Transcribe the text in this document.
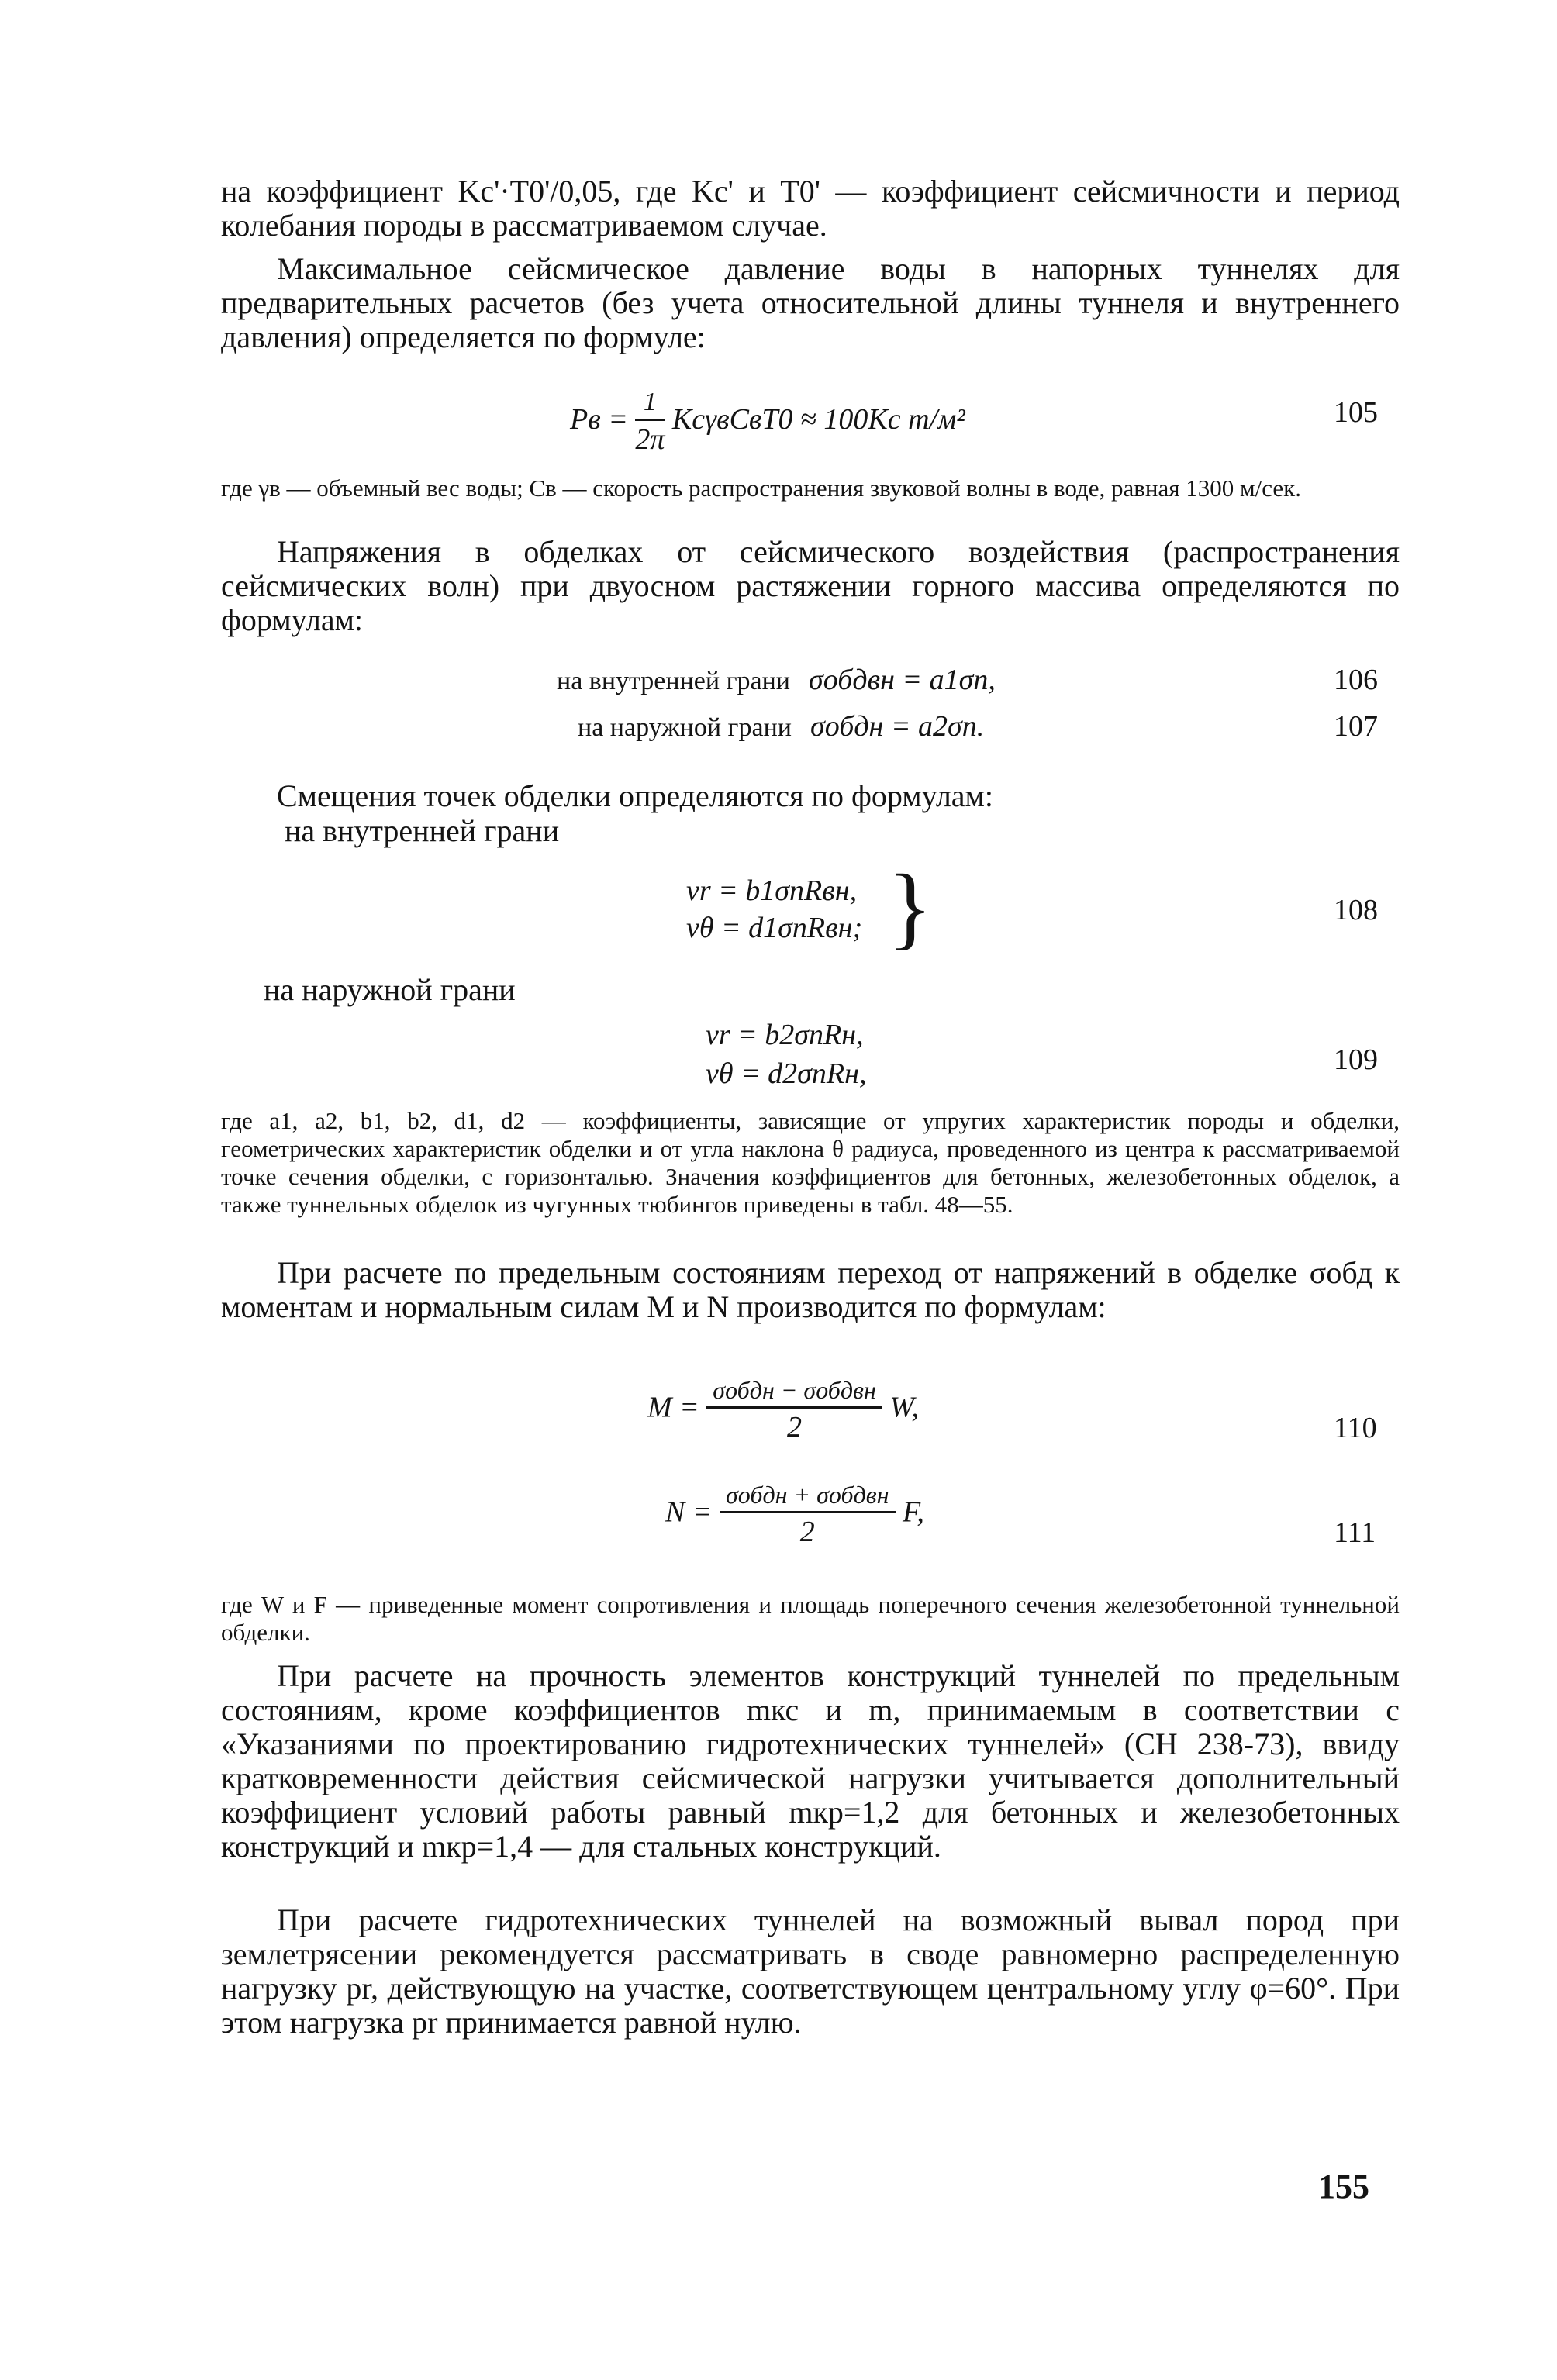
на коэффициент Kc'·T0'/0,05, где Kc' и T0' — коэффициент сейсмичности и период колебания породы в рассматриваемом случае.

Максимальное сейсмическое давление воды в напорных туннелях для предварительных расчетов (без учета относительной длины туннеля и внутреннего давления) определяется по формуле:

Pв = $\frac{1}{2\pi}$ KcγвCвT0 ≈ 100Kc т/м²	105

где γв — объемный вес воды; Cв — скорость распространения звуковой волны в воде, равная 1300 м/сек.

Напряжения в обделках от сейсмического воздействия (распространения сейсмических волн) при двуосном растяжении горного массива определяются по формулам:

на внутренней грани σобдвн = a1σn,	106
на наружной грани σобдн = a2σn.	107

Смещения точек обделки определяются по формулам:

на внутренней грани
vr = b1σnRвн,
vθ = d1σnRвн; }	108
на наружной грани
vr = b2σnRн,
vθ = d2σnRн,	109

где a1, a2, b1, b2, d1, d2 — коэффициенты, зависящие от упругих характеристик породы и обделки, геометрических характеристик обделки и от угла наклона θ радиуса, проведенного из центра к рассматриваемой точке сечения обделки, с горизонталью. Значения коэффициентов для бетонных, железобетонных обделок, а также туннельных обделок из чугунных тюбингов приведены в табл. 48—55.

При расчете по предельным состояниям переход от напряжений в обделке σобд к моментам и нормальным силам M и N производится по формулам:

$M = \frac{\text{σобдн − σобдвн}}{2} W$,
110
$N = \frac{\text{σобдн + σобдвн}}{2} F$,
111

где W и F — приведенные момент сопротивления и площадь поперечного сечения железобетонной туннельной обделки.

При расчете на прочность элементов конструкций туннелей по предельным состояниям, кроме коэффициентов mкс и m, принимаемым в соответствии с «Указаниями по проектированию гидротехнических туннелей» (СН 238-73), ввиду кратковременности действия сейсмической нагрузки учитывается дополнительный коэффициент условий работы равный mкр=1,2 для бетонных и железобетонных конструкций и mкр=1,4 — для стальных конструкций.

При расчете гидротехнических туннелей на возможный вывал пород при землетрясении рекомендуется рассматривать в своде равномерно распределенную нагрузку pr, действующую на участке, соответствующем центральному углу φ=60°. При этом нагрузка pr принимается равной нулю.

155
